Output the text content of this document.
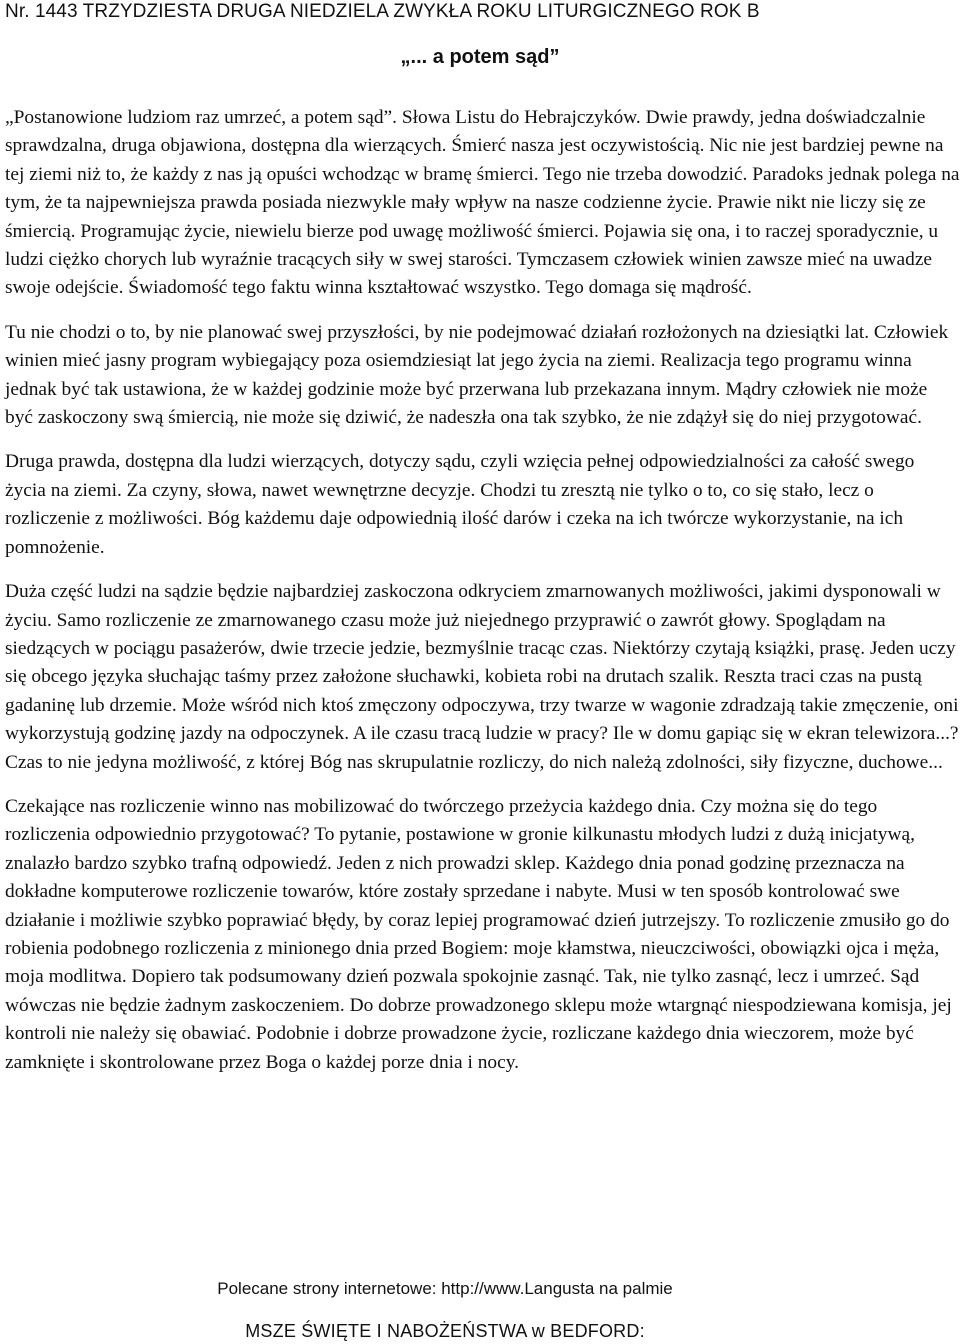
Nr. 1443 TRZYDZIESTA DRUGA NIEDZIELA ZWYKŁA ROKU LITURGICZNEGO ROK B
„... a potem sąd”

„Postanowione ludziom raz umrzeć, a potem sąd”. Słowa Listu do Hebrajczyków. Dwie prawdy, jedna doświadczalnie sprawdzalna, druga objawiona, dostępna dla wierzących. Śmierć nasza jest oczywistością. Nic nie jest bardziej pewne na tej ziemi niż to, że każdy z nas ją opuści wchodząc w bramę śmierci. Tego nie trzeba dowodzić. Paradoks jednak polega na tym, że ta najpewniejsza prawda posiada niezwykle mały wpływ na nasze codzienne życie. Prawie nikt nie liczy się ze śmiercią. Programując życie, niewielu bierze pod uwagę możliwość śmierci. Pojawia się ona, i to raczej sporadycznie, u ludzi ciężko chorych lub wyraźnie tracących siły w swej starości. Tymczasem człowiek winien zawsze mieć na uwadze swoje odejście. Świadomość tego faktu winna kształtować wszystko. Tego domaga się mądrość.

Tu nie chodzi o to, by nie planować swej przyszłości, by nie podejmować działań rozłożonych na dziesiątki lat. Człowiek winien mieć jasny program wybiegający poza osiemdziesiąt lat jego życia na ziemi. Realizacja tego programu winna jednak być tak ustawiona, że w każdej godzinie może być przerwana lub przekazana innym. Mądry człowiek nie może być zaskoczony swą śmiercią, nie może się dziwić, że nadeszła ona tak szybko, że nie zdążył się do niej przygotować.

Druga prawda, dostępna dla ludzi wierzących, dotyczy sądu, czyli wzięcia pełnej odpowiedzialności za całość swego życia na ziemi. Za czyny, słowa, nawet wewnętrzne decyzje. Chodzi tu zresztą nie tylko o to, co się stało, lecz o rozliczenie z możliwości. Bóg każdemu daje odpowiednią ilość darów i czeka na ich twórcze wykorzystanie, na ich pomnożenie.

Duża część ludzi na sądzie będzie najbardziej zaskoczona odkryciem zmarnowanych możliwości, jakimi dysponowali w życiu. Samo rozliczenie ze zmarnowanego czasu może już niejednego przyprawić o zawrót głowy. Spoglądam na siedzących w pociągu pasażerów, dwie trzecie jedzie, bezmyślnie tracąc czas. Niektórzy czytają książki, prasę. Jeden uczy się obcego języka słuchając taśmy przez założone słuchawki, kobieta robi na drutach szalik. Reszta traci czas na pustą gadaninę lub drzemie. Może wśród nich ktoś zmęczony odpoczywa, trzy twarze w wagonie zdradzają takie zmęczenie, oni wykorzystują godzinę jazdy na odpoczynek. A ile czasu tracą ludzie w pracy? Ile w domu gapiąc się w ekran telewizora...? Czas to nie jedyna możliwość, z której Bóg nas skrupulatnie rozliczy, do nich należą zdolności, siły fizyczne, duchowe...

Czekające nas rozliczenie winno nas mobilizować do twórczego przeżycia każdego dnia. Czy można się do tego rozliczenia odpowiednio przygotować? To pytanie, postawione w gronie kilkunastu młodych ludzi z dużą inicjatywą, znalazło bardzo szybko trafną odpowiedź. Jeden z nich prowadzi sklep. Każdego dnia ponad godzinę przeznacza na dokładne komputerowe rozliczenie towarów, które zostały sprzedane i nabyte. Musi w ten sposób kontrolować swe działanie i możliwie szybko poprawiać błędy, by coraz lepiej programować dzień jutrzejszy. To rozliczenie zmusiło go do robienia podobnego rozliczenia z minionego dnia przed Bogiem: moje kłamstwa, nieuczciwości, obowiązki ojca i męża, moja modlitwa. Dopiero tak podsumowany dzień pozwala spokojnie zasnąć. Tak, nie tylko zasnąć, lecz i umrzeć. Sąd wówczas nie będzie żadnym zaskoczeniem. Do dobrze prowadzonego sklepu może wtargnąć niespodziewana komisja, jej kontroli nie należy się obawiać. Podobnie i dobrze prowadzone życie, rozliczane każdego dnia wieczorem, może być zamknięte i skontrolowane przez Boga o każdej porze dnia i nocy.

Polecane strony internetowe: http://www.Langusta na palmie
MSZE ŚWIĘTE I NABOŻEŃSTWA w BEDFORD:
